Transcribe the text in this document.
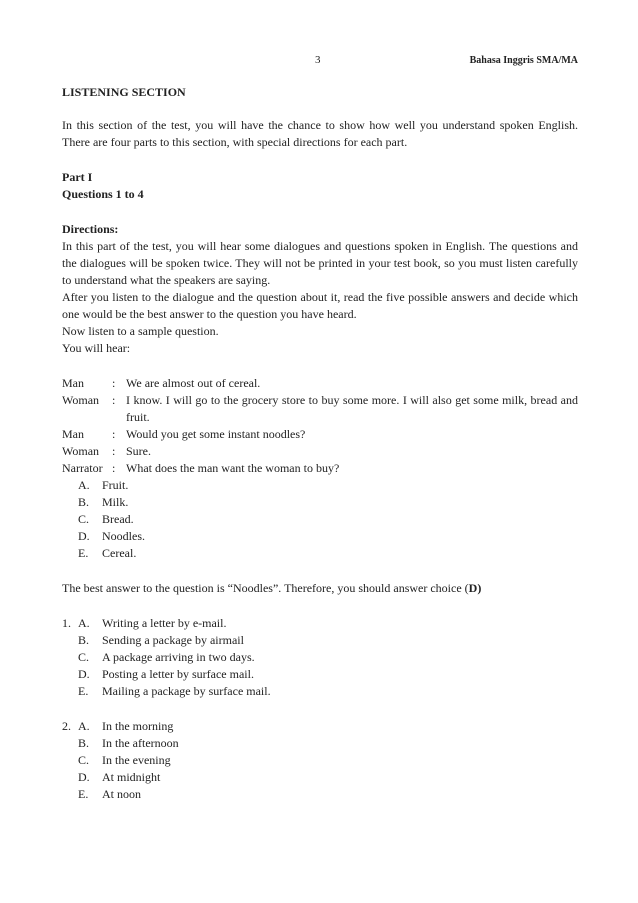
3	Bahasa Inggris SMA/MA
LISTENING SECTION

In this section of the test, you will have the chance to show how well you understand spoken English. There are four parts to this section, with special directions for each part.

Part I
Questions 1 to 4
Directions:

In this part of the test, you will hear some dialogues and questions spoken in English. The questions and the dialogues will be spoken twice. They will not be printed in your test book, so you must listen carefully to understand what the speakers are saying.

After you listen to the dialogue and the question about it, read the five possible answers and decide which one would be the best answer to the question you have heard.

Now listen to a sample question.

You will hear:

Man	: We are almost out of cereal.
Woman	: I know. I will go to the grocery store to buy some more. I will also get some milk, bread and fruit.
Man	: Would you get some instant noodles?
Woman	: Sure.
Narrator : What does the man want the woman to buy?
A.	Fruit.
B.	Milk.
C.	Bread.
D.	Noodles.
E.	Cereal.

The best answer to the question is “Noodles”. Therefore, you should answer choice (D)

1. A.	Writing a letter by e-mail.
B.	Sending a package by airmail
C.	A package arriving in two days.
D.	Posting a letter by surface mail.
E.	Mailing a package by surface mail.
2. A.	In the morning
B.	In the afternoon
C.	In the evening
D.	At midnight
E.	At noon
